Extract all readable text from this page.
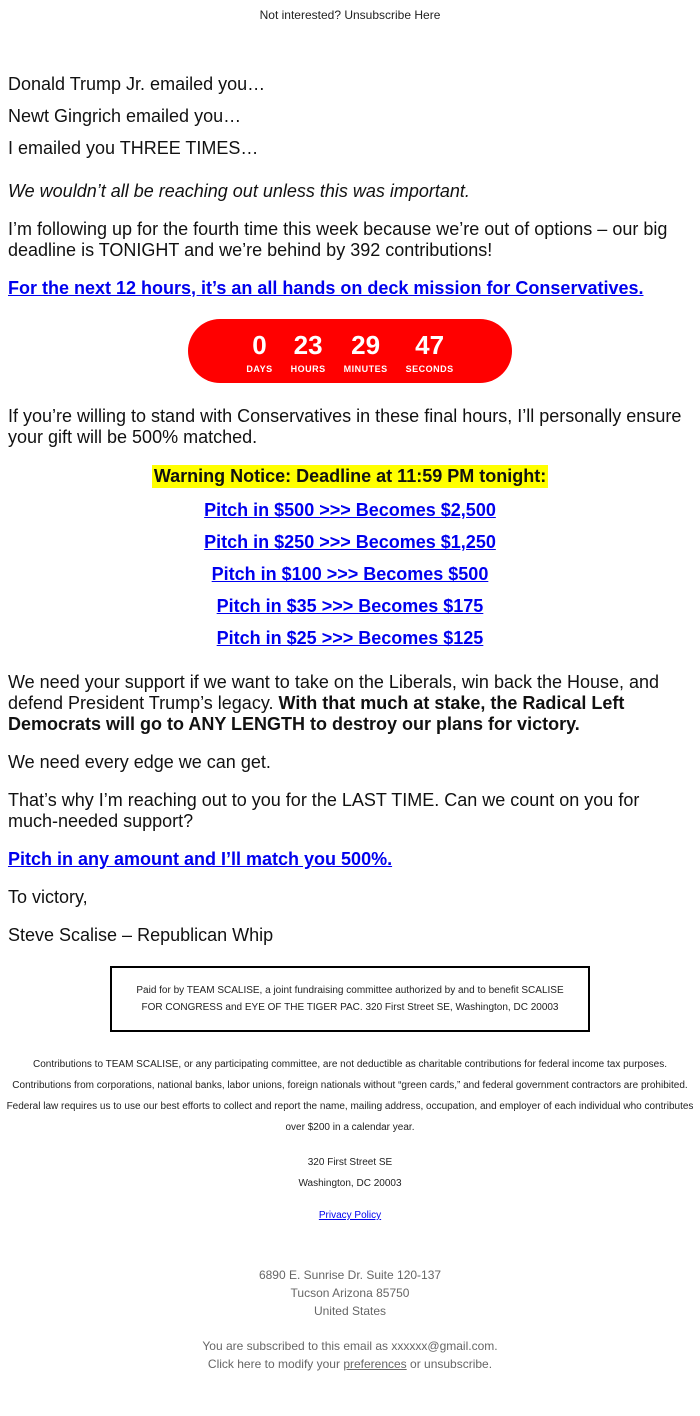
Not interested? Unsubscribe Here

Donald Trump Jr. emailed you…

Newt Gingrich emailed you…

I emailed you THREE TIMES…

We wouldn’t all be reaching out unless this was important.

I’m following up for the fourth time this week because we’re out of options – our big deadline is TONIGHT and we’re behind by 392 contributions!

For the next 12 hours, it’s an all hands on deck mission for Conservatives.
0
DAYS
23
HOURS
29
MINUTES
47
SECONDS

If you’re willing to stand with Conservatives in these final hours, I’ll personally ensure your gift will be 500% matched.

Warning Notice: Deadline at 11:59 PM tonight:
Pitch in $500 >>> Becomes $2,500
Pitch in $250 >>> Becomes $1,250
Pitch in $100 >>> Becomes $500
Pitch in $35 >>> Becomes $175
Pitch in $25 >>> Becomes $125

We need your support if we want to take on the Liberals, win back the House, and defend President Trump’s legacy. With that much at stake, the Radical Left Democrats will go to ANY LENGTH to destroy our plans for victory.

We need every edge we can get.

That’s why I’m reaching out to you for the LAST TIME. Can we count on you for much-needed support?

Pitch in any amount and I’ll match you 500%.

To victory,

Steve Scalise – Republican Whip

Paid for by TEAM SCALISE, a joint fundraising committee authorized by and to benefit SCALISE FOR CONGRESS and EYE OF THE TIGER PAC. 320 First Street SE, Washington, DC 20003
Contributions to TEAM SCALISE, or any participating committee, are not deductible as charitable contributions for federal income tax purposes. Contributions from corporations, national banks, labor unions, foreign nationals without “green cards,” and federal government contractors are prohibited. Federal law requires us to use our best efforts to collect and report the name, mailing address, occupation, and employer of each individual who contributes over $200 in a calendar year.
320 First Street SE
Washington, DC 20003
Privacy Policy
6890 E. Sunrise Dr. Suite 120-137
Tucson Arizona 85750
United States
You are subscribed to this email as xxxxxx@gmail.com.
Click here to modify your preferences or unsubscribe.
